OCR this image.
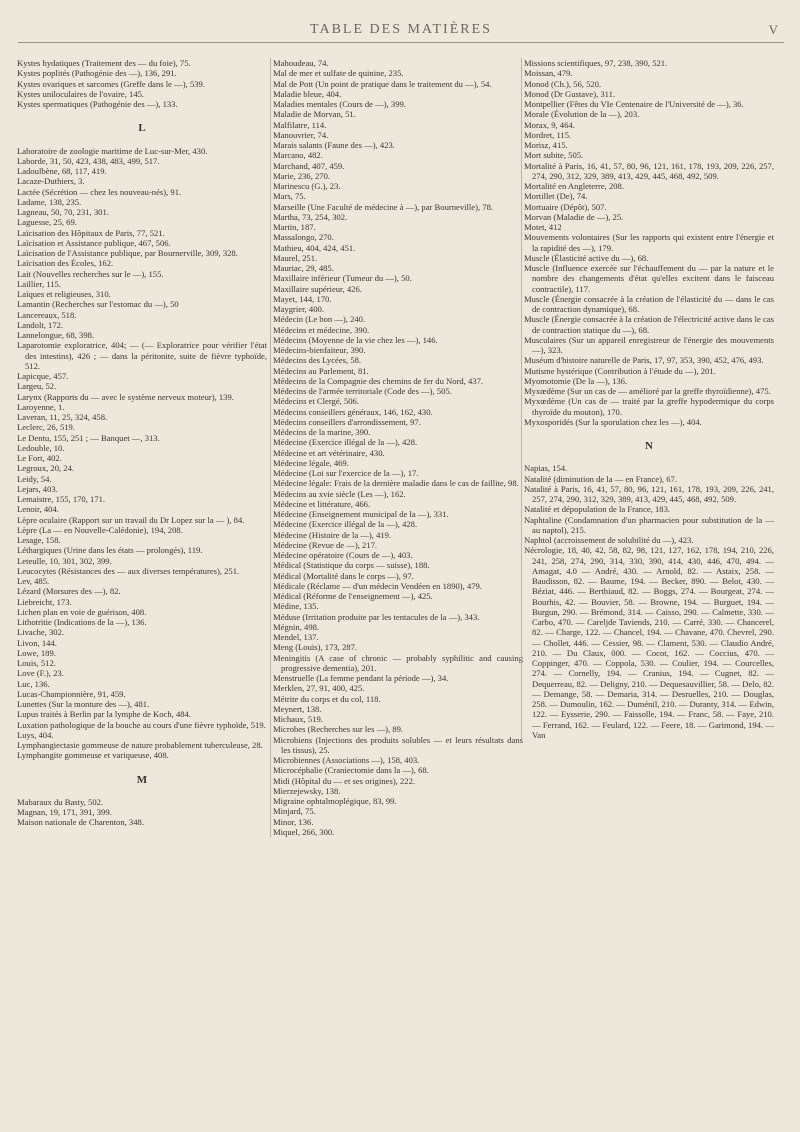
TABLE DES MATIÈRES	V
Kystes hydatiques (Traitement des — du foie), 75.
Kystes poplités (Pathogénie des —), 136, 291.
Kystes ovariques et sarcomes (Greffe dans le —), 539.
Kystes uniloculaires de l'ovaire, 145.
Kystes spermatiques (Pathogénie des —), 133.
L
Laboratoire de zoologie maritime de Luc-sur-Mer, 430.
Laborde, 31, 50, 423, 438, 483, 499, 517.
Ladoulbène, 68, 117, 419.
Lacaze-Duthiers, 3.
Lactée (Sécrétion — chez les nouveau-nés), 91.
Ladame, 138, 235.
Lagneau, 50, 70, 231, 301.
Laguesse, 25, 69.
Laïcisation des Hôpitaux de Paris, 77, 521.
Laïcisation et Assistance publique, 467, 506.
Laïcisation de l'Assistance publique, par Bournerville, 309, 328.
Laïcisation des Écoles, 162.
Lait (Nouvelles recherches sur le —), 155.
Laillier, 115.
Laïques et religieuses, 310.
Lamantin (Recherches sur l'estomac du —), 50
Lancereaux, 518.
Landolt, 172.
Lannelongue, 68, 398.
Laparotomie exploratrice, 404; — (— Exploratrice pour vérifier l'état des intestins), 426 ; — dans la péritonite, suite de fièvre typhoïde, 512.
Lapicque, 457.
Largeu, 52.
Larynx (Rapports du — avec le système nerveux moteur), 139.
Laroyenne, 1.
Laveran, 11, 25, 324, 458.
Leclerc, 26, 519.
Le Dentu, 155, 251 ; — Banquet —, 313.
Ledouble, 10.
Le Fort, 402.
Legroux, 20, 24.
Leidy, 54.
Lejars, 403.
Lemaistre, 155, 170, 171.
Lenoir, 404.
Lèpre oculaire (Rapport sur un travail du Dr Lopez sur la — ), 84.
Lèpre (La — en Nouvelle-Calédonie), 194, 208.
Lesage, 158.
Léthargiques (Urine dans les états — prolongés), 119.
Leteulle, 10, 301, 302, 399.
Leucocytes (Résistances des — aux diverses températures), 251.
Lev, 485.
Lézard (Morsures des —), 82.
Liebreicht, 173.
Lichen plan en voie de guérison, 408.
Lithotritie (Indications de la —), 136.
Livache, 302.
Livon, 144.
Lowe, 189.
Louis, 512.
Love (F.), 23.
Luc, 136.
Lucas-Championnière, 91, 459.
Lunettes (Sur la monture des —), 481.
Lupus traités à Berlin par la lymphe de Koch, 484.
Luxation pathologique de la bouche au cours d'une fièvre typhoïde, 519.
Luys, 404.
Lymphangiectasie gommeuse de nature probablement tuberculeuse, 28.
Lymphangite gommeuse et variqueuse, 408.
M
Mabaraux du Basty, 502.
Magnan, 19, 171, 391, 399.
Maison nationale de Charenton, 348.
Mahoudeau, 74.
Mal de mer et sulfate de quinine, 235.
Mal de Pott (Un point de pratique dans le traitement du —), 54.
Maladie bleue, 404.
Maladies mentales (Cours de —), 399.
Maladie de Morvan, 51.
Malfilatre, 114.
Manouvrier, 74.
Marais salants (Faune des —), 423.
Marcano, 482.
Marchand, 407, 459.
Marie, 236, 270.
Marinescu (G.), 23.
Mars, 75.
Marseille (Une Faculté de médecine à —), par Bourneville), 78.
Martha, 73, 254, 302.
Martin, 187.
Massalongo, 270.
Mathieu, 404, 424, 451.
Maurel, 251.
Mauriac, 29, 485.
Maxillaire inférieur (Tumeur du —), 50.
Maxillaire supérieur, 426.
Mayet, 144, 170.
Maygrier, 400.
Médecin (Le bon —), 240.
Médecins et médecine, 390.
Médecins (Moyenne de la vie chez les —), 146.
Médecins-bienfaiteur, 390.
Médecins des Lycées, 58.
Médecins au Parlement, 81.
Médecins de la Compagnie des chemins de fer du Nord, 437.
Médecins de l'armée territoriale (Code des —), 505.
Médecins et Clergé, 506.
Médecins conseillers généraux, 146, 162, 430.
Médecins conseillers d'arrondissement, 97.
Médecins de la marine, 390.
Médecine (Exercice illégal de la —), 428.
Médecine et art vétérinaire, 430.
Médecine légale, 469.
Médecine (Loi sur l'exercice de la —), 17.
Médecine légale: Frais de la dernière maladie dans le cas de faillite, 98.
Médecins au xvie siècle (Les —), 162.
Médecine et littérature, 466.
Médecine (Enseignement municipal de la —), 331.
Médecine (Exercice illégal de la —), 428.
Médecine (Histoire de la —), 419.
Médecine (Revue de —), 217.
Médecine opératoire (Cours de —), 403.
Médical (Statistique du corps — suisse), 188.
Médical (Mortalité dans le corps —), 97.
Médicale (Réclame — d'un médecin Vendéen en 1890), 479.
Médical (Réforme de l'enseignement —), 425.
Médine, 135.
Méduse (Irritation produite par les tentacules de la —), 343.
Mégnin, 498.
Mendel, 137.
Meng (Louis), 173, 287.
Meningitis (A case of chronic — probably syphilitic and causing progressive dementia), 201.
Menstruelle (La femme pendant la période —), 34.
Merklen, 27, 91, 400, 425.
Métrite du corps et du col, 118.
Meynert, 138.
Michaux, 519.
Microbes (Recherches sur les —), 89.
Microbiens (Injections des produits solubles — et leurs résultats dans les tissus), 25.
Microbiennes (Associations —), 158, 403.
Microcéphalie (Craniectomie dans la —), 68.
Midi (Hôpital du — et ses origines), 222.
Mierzejewsky, 138.
Migraine ophtalmoplégique, 83, 99.
Minjard, 75.
Minor, 136.
Miquel, 266, 300.
Missions scientifiques, 97, 238, 390, 521.
Moissan, 479.
Monod (Ch.), 56, 520.
Monod (Dr Gustave), 311.
Montpellier (Fêtes du VIe Centenaire de l'Université de —), 36.
Morale (Évolution de la —), 203.
Morax, 9, 464.
Mordret, 115.
Morisz, 415.
Mort subite, 505.
Mortalité à Paris, 16, 41, 57, 80, 96, 121, 161, 178, 193, 209, 226, 257, 274, 290, 312, 329, 389, 413, 429, 445, 468, 492, 509.
Mortalité en Angleterre, 208.
Mortillet (De), 74.
Mortuaire (Dépôt), 507.
Morvan (Maladie de —), 25.
Motet, 412
Mouvements volontaires (Sur les rapports qui existent entre l'énergie et la rapidité des —), 179.
Muscle (Élasticité active du —), 68.
Muscle (Influence exercée sur l'échauffement du — par la nature et le nombre des changements d'état qu'elles excitent dans le faisceau contractile), 117.
Muscle (Énergie consacrée à la création de l'élasticité du — dans le cas de contraction dynamique), 68.
Muscle (Énergie consacrée à la création de l'électricité active dans le cas de contraction statique du —), 68.
Musculaires (Sur un appareil enregistreur de l'énergie des mouvements —), 323.
Muséum d'histoire naturelle de Paris, 17, 97, 353, 390, 452, 476, 493.
Mutisme hystérique (Contribution à l'étude du —), 201.
Myomotomie (De la —), 136.
Myxœdème (Sur un cas de — amélioré par la greffe thyroïdienne), 475.
Myxœdème (Un cas de — traité par la greffe hypodermique du corps thyroïde du mouton), 170.
Myxosporidés (Sur la sporulation chez les —), 404.
N
Napias, 154.
Natalité (diminution de la — en France), 67.
Natalité à Paris, 16, 41, 57, 80, 96, 121, 161, 178, 193, 209, 226, 241, 257, 274, 290, 312, 329, 389, 413, 429, 445, 468, 492, 509.
Natalité et dépopulation de la France, 183.
Naphtaline (Condamnation d'un pharmacien pour substitution de la — au naptol), 215.
Naphtol (accroissement de solubilité du —), 423.
Nécrologie, 18, 40, 42, 58, 82, 98, 121, 127, 162, 178, 194, 210, 226, 241, 258, 274, 290, 314, 330, 390, 414, 430, 446, 470, 494. — Amagat, 4.0 — André, 430. — Arnold, 82. — Astaix, 258. — Baudisson, 82. — Baume, 194. — Becker, 890. — Belot, 430. — Béziat, 446. — Berthiaud, 82. — Boggs, 274. — Bourgeat, 274. — Bourhis, 42. — Bouvier, 58. — Browne, 194. — Burguet, 194. — Burgun, 290. — Brémond, 314. — Caisso, 290. — Calmette, 330. — Carbo, 470. — Careljde Taviends, 210. — Carré, 330. — Chancerel, 82. — Charge, 122. — Chancel, 194. — Chavane, 470. Chevrel, 290. — Chollet, 446. — Cessier, 98. — Clament, 530. — Claudio André, 210. — Du Claux, 000. — Cocot, 162. — Coccius, 470. — Coppinger, 470. — Coppola, 530. — Coulier, 194. — Courcelles, 274. — Cornelly, 194. — Cranius, 194. — Cugnet, 82. — Dequerreau, 82. — Deligny, 210. — Dequesauvillier, 58. — Delo, 82. — Demange, 58. — Demaria, 314. — Desruelles, 210. — Douglas, 258. — Dumoulin, 162. — Duménil, 210. — Duranty, 314. — Edwin, 122. — Eysserie, 290. — Faissolle, 194. — Franc, 58. — Faye, 210. — Ferrand, 162. — Feulard, 122. — Feere, 18. — Garimond, 194. — Van
